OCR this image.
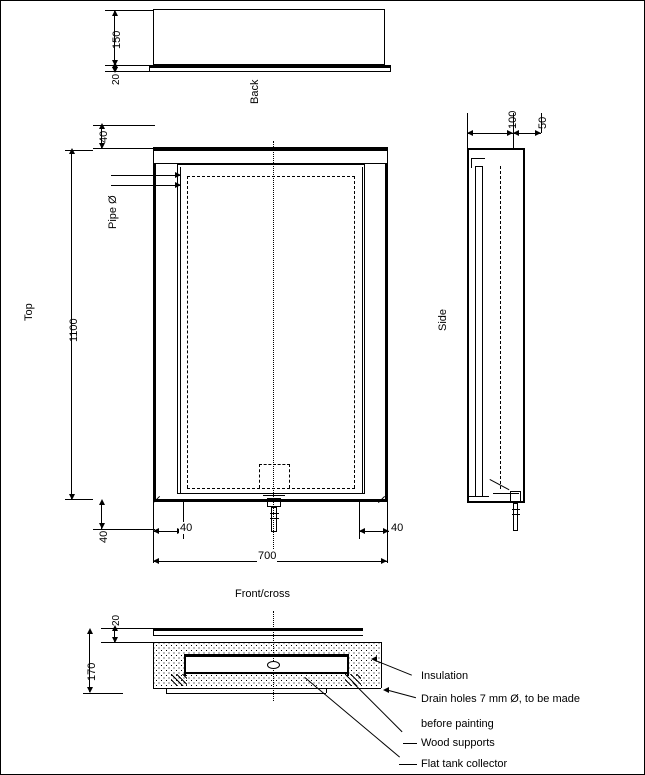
150
20
Back
Pipe Ø
40
1100
40
40	40
700
Front/cross
Top
100 50
Side
20
170	Insulation
Drain holes 7 mm Ø, to be made
before painting
Wood supports
Flat tank collector
